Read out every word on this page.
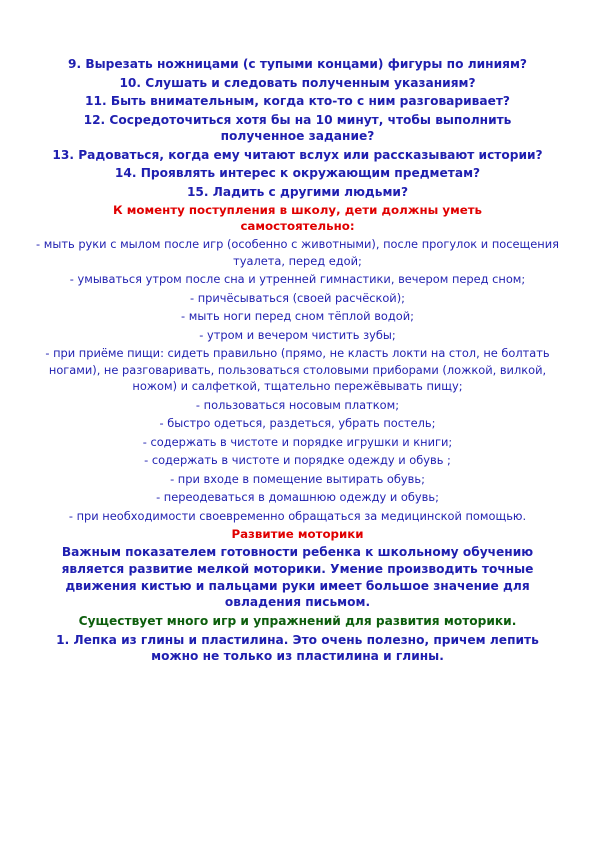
9. Вырезать ножницами (с тупыми концами) фигуры по линиям?

10. Слушать и следовать полученным указаниям?

11. Быть внимательным, когда кто-то с ним разговаривает?

12. Сосредоточиться хотя бы на 10 минут, чтобы выполнить полученное задание?

13. Радоваться, когда ему читают вслух или рассказывают истории?

14. Проявлять интерес к окружающим предметам?

15. Ладить с другими людьми?

К моменту поступления в школу, дети должны уметь самостоятельно:

- мыть руки с мылом после игр (особенно с животными), после прогулок и посещения туалета, перед едой;

- умываться утром после сна и утренней гимнастики, вечером перед сном;

- причёсываться (своей расчёской);

- мыть ноги перед сном тёплой водой;

- утром и вечером чистить зубы;

- при приёме пищи: сидеть правильно (прямо, не класть локти на стол, не болтать ногами), не разговаривать, пользоваться столовыми приборами (ложкой, вилкой, ножом) и салфеткой, тщательно пережёвывать пищу;

- пользоваться носовым платком;

- быстро одеться, раздеться, убрать постель;

- содержать в чистоте и порядке игрушки и книги;

- содержать в чистоте и порядке одежду и обувь ;

- при входе в помещение вытирать обувь;

- переодеваться в домашнюю одежду и обувь;

- при необходимости своевременно обращаться за медицинской помощью.

Развитие моторики

Важным показателем готовности ребенка к школьному обучению является развитие мелкой моторики. Умение производить точные движения кистью и пальцами руки имеет большое значение для овладения письмом.

Существует много игр и упражнений для развития моторики.

1. Лепка из глины и пластилина. Это очень полезно, причем лепить можно не только из пластилина и глины.
